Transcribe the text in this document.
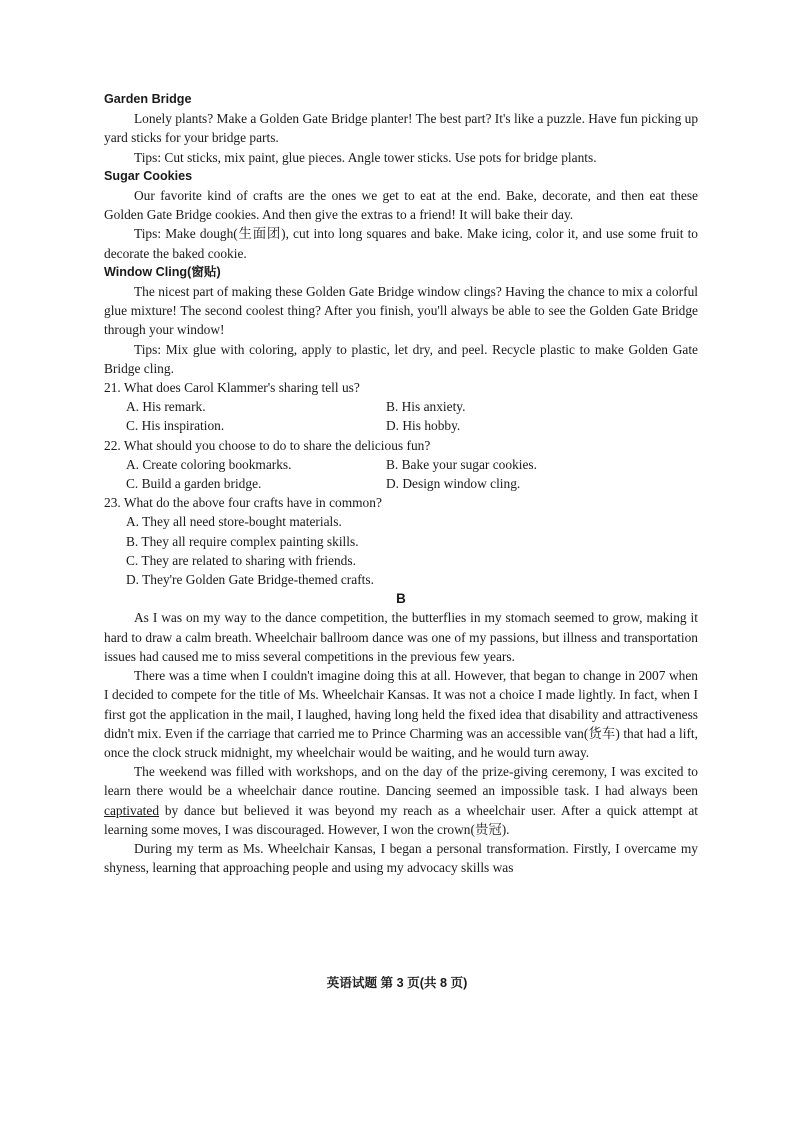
Garden Bridge

Lonely plants? Make a Golden Gate Bridge planter! The best part? It's like a puzzle. Have fun picking up yard sticks for your bridge parts.

Tips: Cut sticks, mix paint, glue pieces. Angle tower sticks. Use pots for bridge plants.

Sugar Cookies

Our favorite kind of crafts are the ones we get to eat at the end. Bake, decorate, and then eat these Golden Gate Bridge cookies. And then give the extras to a friend! It will bake their day.

Tips: Make dough(生面团), cut into long squares and bake. Make icing, color it, and use some fruit to decorate the baked cookie.

Window Cling(窗贴)

The nicest part of making these Golden Gate Bridge window clings? Having the chance to mix a colorful glue mixture! The second coolest thing? After you finish, you'll always be able to see the Golden Gate Bridge through your window!

Tips: Mix glue with coloring, apply to plastic, let dry, and peel. Recycle plastic to make Golden Gate Bridge cling.

21. What does Carol Klammer's sharing tell us?

A. His remark.	B. His anxiety.
C. His inspiration.	D. His hobby.

22. What should you choose to do to share the delicious fun?

A. Create coloring bookmarks.	B. Bake your sugar cookies.
C. Build a garden bridge.	D. Design window cling.

23. What do the above four crafts have in common?

A. They all need store-bought materials.
B. They all require complex painting skills.
C. They are related to sharing with friends.
D. They're Golden Gate Bridge-themed crafts.
B

As I was on my way to the dance competition, the butterflies in my stomach seemed to grow, making it hard to draw a calm breath. Wheelchair ballroom dance was one of my passions, but illness and transportation issues had caused me to miss several competitions in the previous few years.

There was a time when I couldn't imagine doing this at all. However, that began to change in 2007 when I decided to compete for the title of Ms. Wheelchair Kansas. It was not a choice I made lightly. In fact, when I first got the application in the mail, I laughed, having long held the fixed idea that disability and attractiveness didn't mix. Even if the carriage that carried me to Prince Charming was an accessible van(货车) that had a lift, once the clock struck midnight, my wheelchair would be waiting, and he would turn away.

The weekend was filled with workshops, and on the day of the prize-giving ceremony, I was excited to learn there would be a wheelchair dance routine. Dancing seemed an impossible task. I had always been captivated by dance but believed it was beyond my reach as a wheelchair user. After a quick attempt at learning some moves, I was discouraged. However, I won the crown(贵冠).

During my term as Ms. Wheelchair Kansas, I began a personal transformation. Firstly, I overcame my shyness, learning that approaching people and using my advocacy skills was

英语试题 第 3 页(共 8 页)
